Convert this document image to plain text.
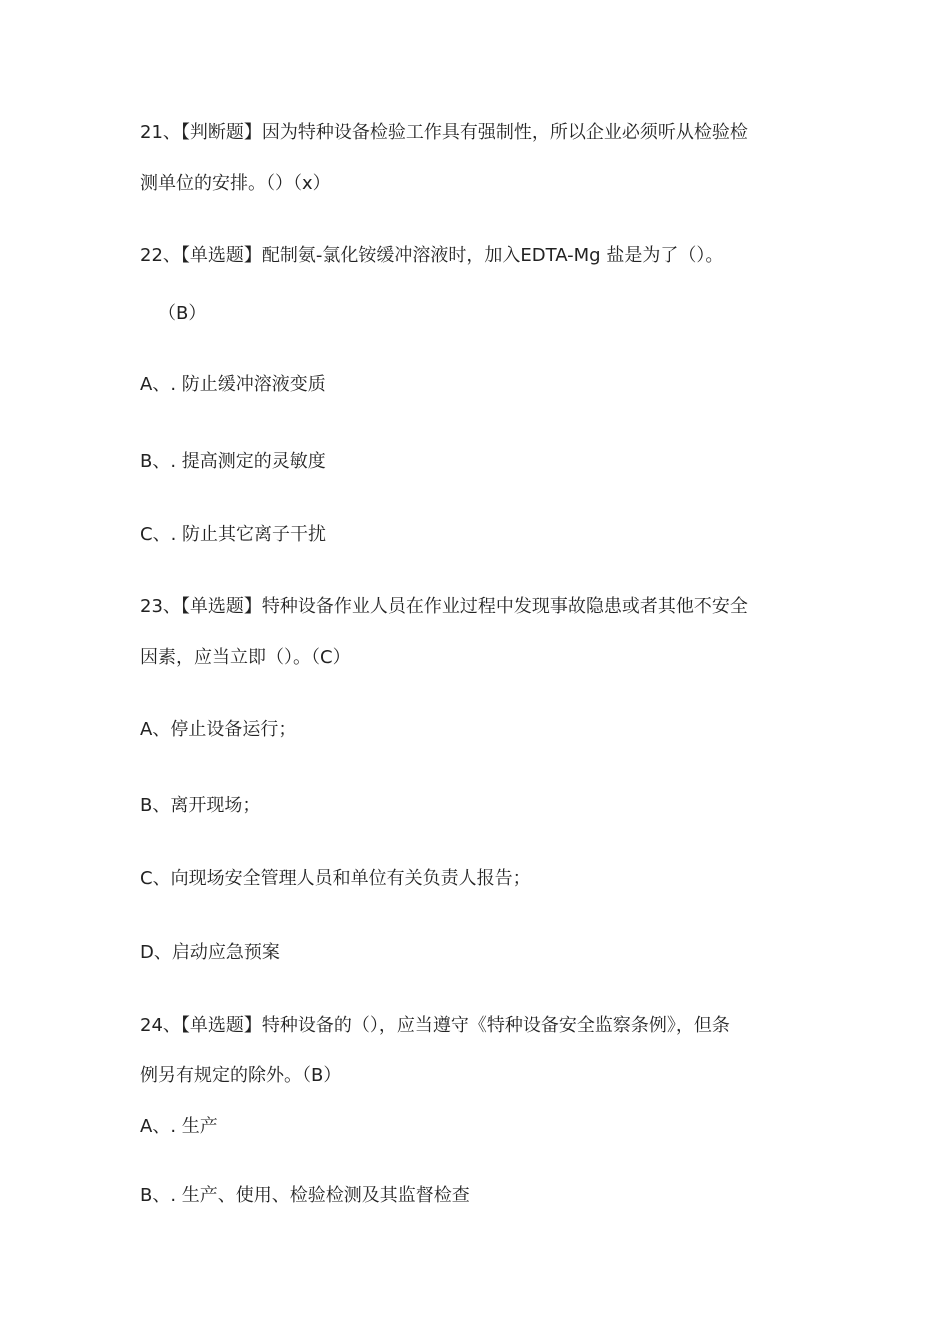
21、【判断题】因为特种设备检验工作具有强制性，所以企业必须听从检验检

测单位的安排。（）（x）

22、【单选题】配制氨-氯化铵缓冲溶液时，加入EDTA-Mg 盐是为了（）。

（B）

A、. 防止缓冲溶液变质

B、. 提高测定的灵敏度

C、. 防止其它离子干扰

23、【单选题】特种设备作业人员在作业过程中发现事故隐患或者其他不安全

因素，应当立即（）。（C）

A、停止设备运行；

B、离开现场；

C、向现场安全管理人员和单位有关负责人报告；

D、启动应急预案

24、【单选题】特种设备的（），应当遵守《特种设备安全监察条例》，但条

例另有规定的除外。（B）

A、. 生产

B、. 生产、使用、检验检测及其监督检查
